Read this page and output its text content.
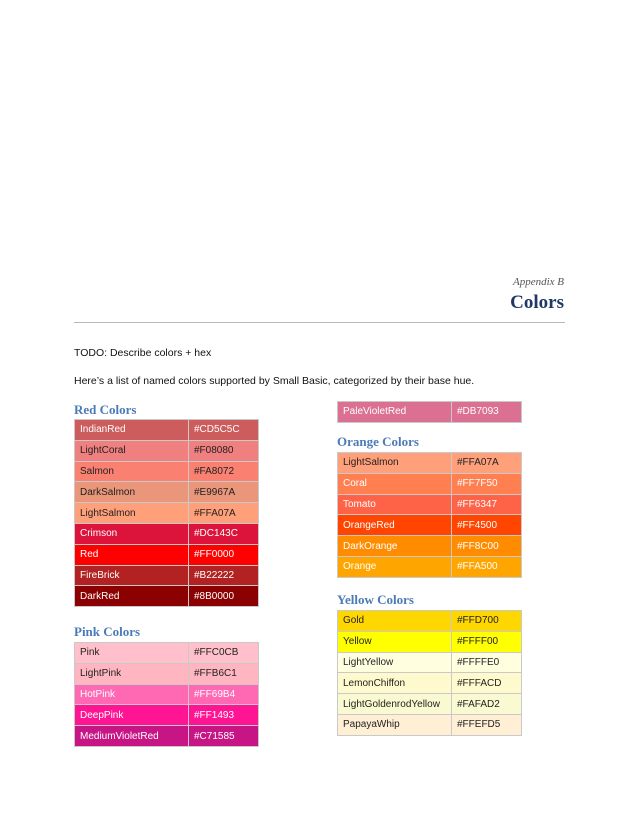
Appendix B
Colors
TODO: Describe colors + hex
Here’s a list of named colors supported by Small Basic, categorized by their base hue.
Red Colors
IndianRed	#CD5C5C
LightCoral	#F08080
Salmon	#FA8072
DarkSalmon	#E9967A
LightSalmon	#FFA07A
Crimson	#DC143C
Red	#FF0000
FireBrick	#B22222
DarkRed	#8B0000
Pink Colors
Pink	#FFC0CB
LightPink	#FFB6C1
HotPink	#FF69B4
DeepPink	#FF1493
MediumVioletRed	#C71585
PaleVioletRed	#DB7093
Orange Colors
LightSalmon	#FFA07A
Coral	#FF7F50
Tomato	#FF6347
OrangeRed	#FF4500
DarkOrange	#FF8C00
Orange	#FFA500
Yellow Colors
Gold	#FFD700
Yellow	#FFFF00
LightYellow	#FFFFE0
LemonChiffon	#FFFACD
LightGoldenrodYellow	#FAFAD2
PapayaWhip	#FFEFD5
